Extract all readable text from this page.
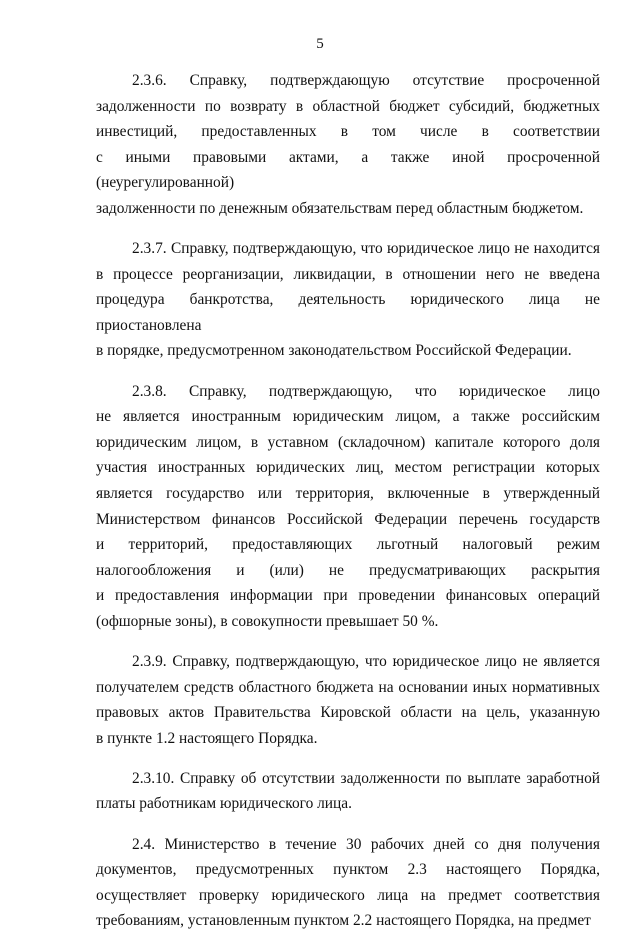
5

2.3.6. Справку, подтверждающую отсутствие просроченной
задолженности по возврату в областной бюджет субсидий, бюджетных
инвестиций, предоставленных в том числе в соответствии
с иными правовыми актами, а также иной просроченной (неурегулированной)
задолженности по денежным обязательствам перед областным бюджетом.

2.3.7. Справку, подтверждающую, что юридическое лицо не находится
в процессе реорганизации, ликвидации, в отношении него не введена
процедура банкротства, деятельность юридического лица не приостановлена
в порядке, предусмотренном законодательством Российской Федерации.

2.3.8. Справку, подтверждающую, что юридическое лицо
не является иностранным юридическим лицом, а также российским
юридическим лицом, в уставном (складочном) капитале которого доля
участия иностранных юридических лиц, местом регистрации которых
является государство или территория, включенные в утвержденный
Министерством финансов Российской Федерации перечень государств
и территорий, предоставляющих льготный налоговый режим
налогообложения и (или) не предусматривающих раскрытия
и предоставления информации при проведении финансовых операций
(офшорные зоны), в совокупности превышает 50 %.

2.3.9. Справку, подтверждающую, что юридическое лицо не является
получателем средств областного бюджета на основании иных нормативных
правовых актов Правительства Кировской области на цель, указанную
в пункте 1.2 настоящего Порядка.

2.3.10. Справку об отсутствии задолженности по выплате заработной
платы работникам юридического лица.

2.4. Министерство в течение 30 рабочих дней со дня получения
документов, предусмотренных пунктом 2.3 настоящего Порядка,
осуществляет проверку юридического лица на предмет соответствия
требованиям, установленным пунктом 2.2 настоящего Порядка, на предмет
